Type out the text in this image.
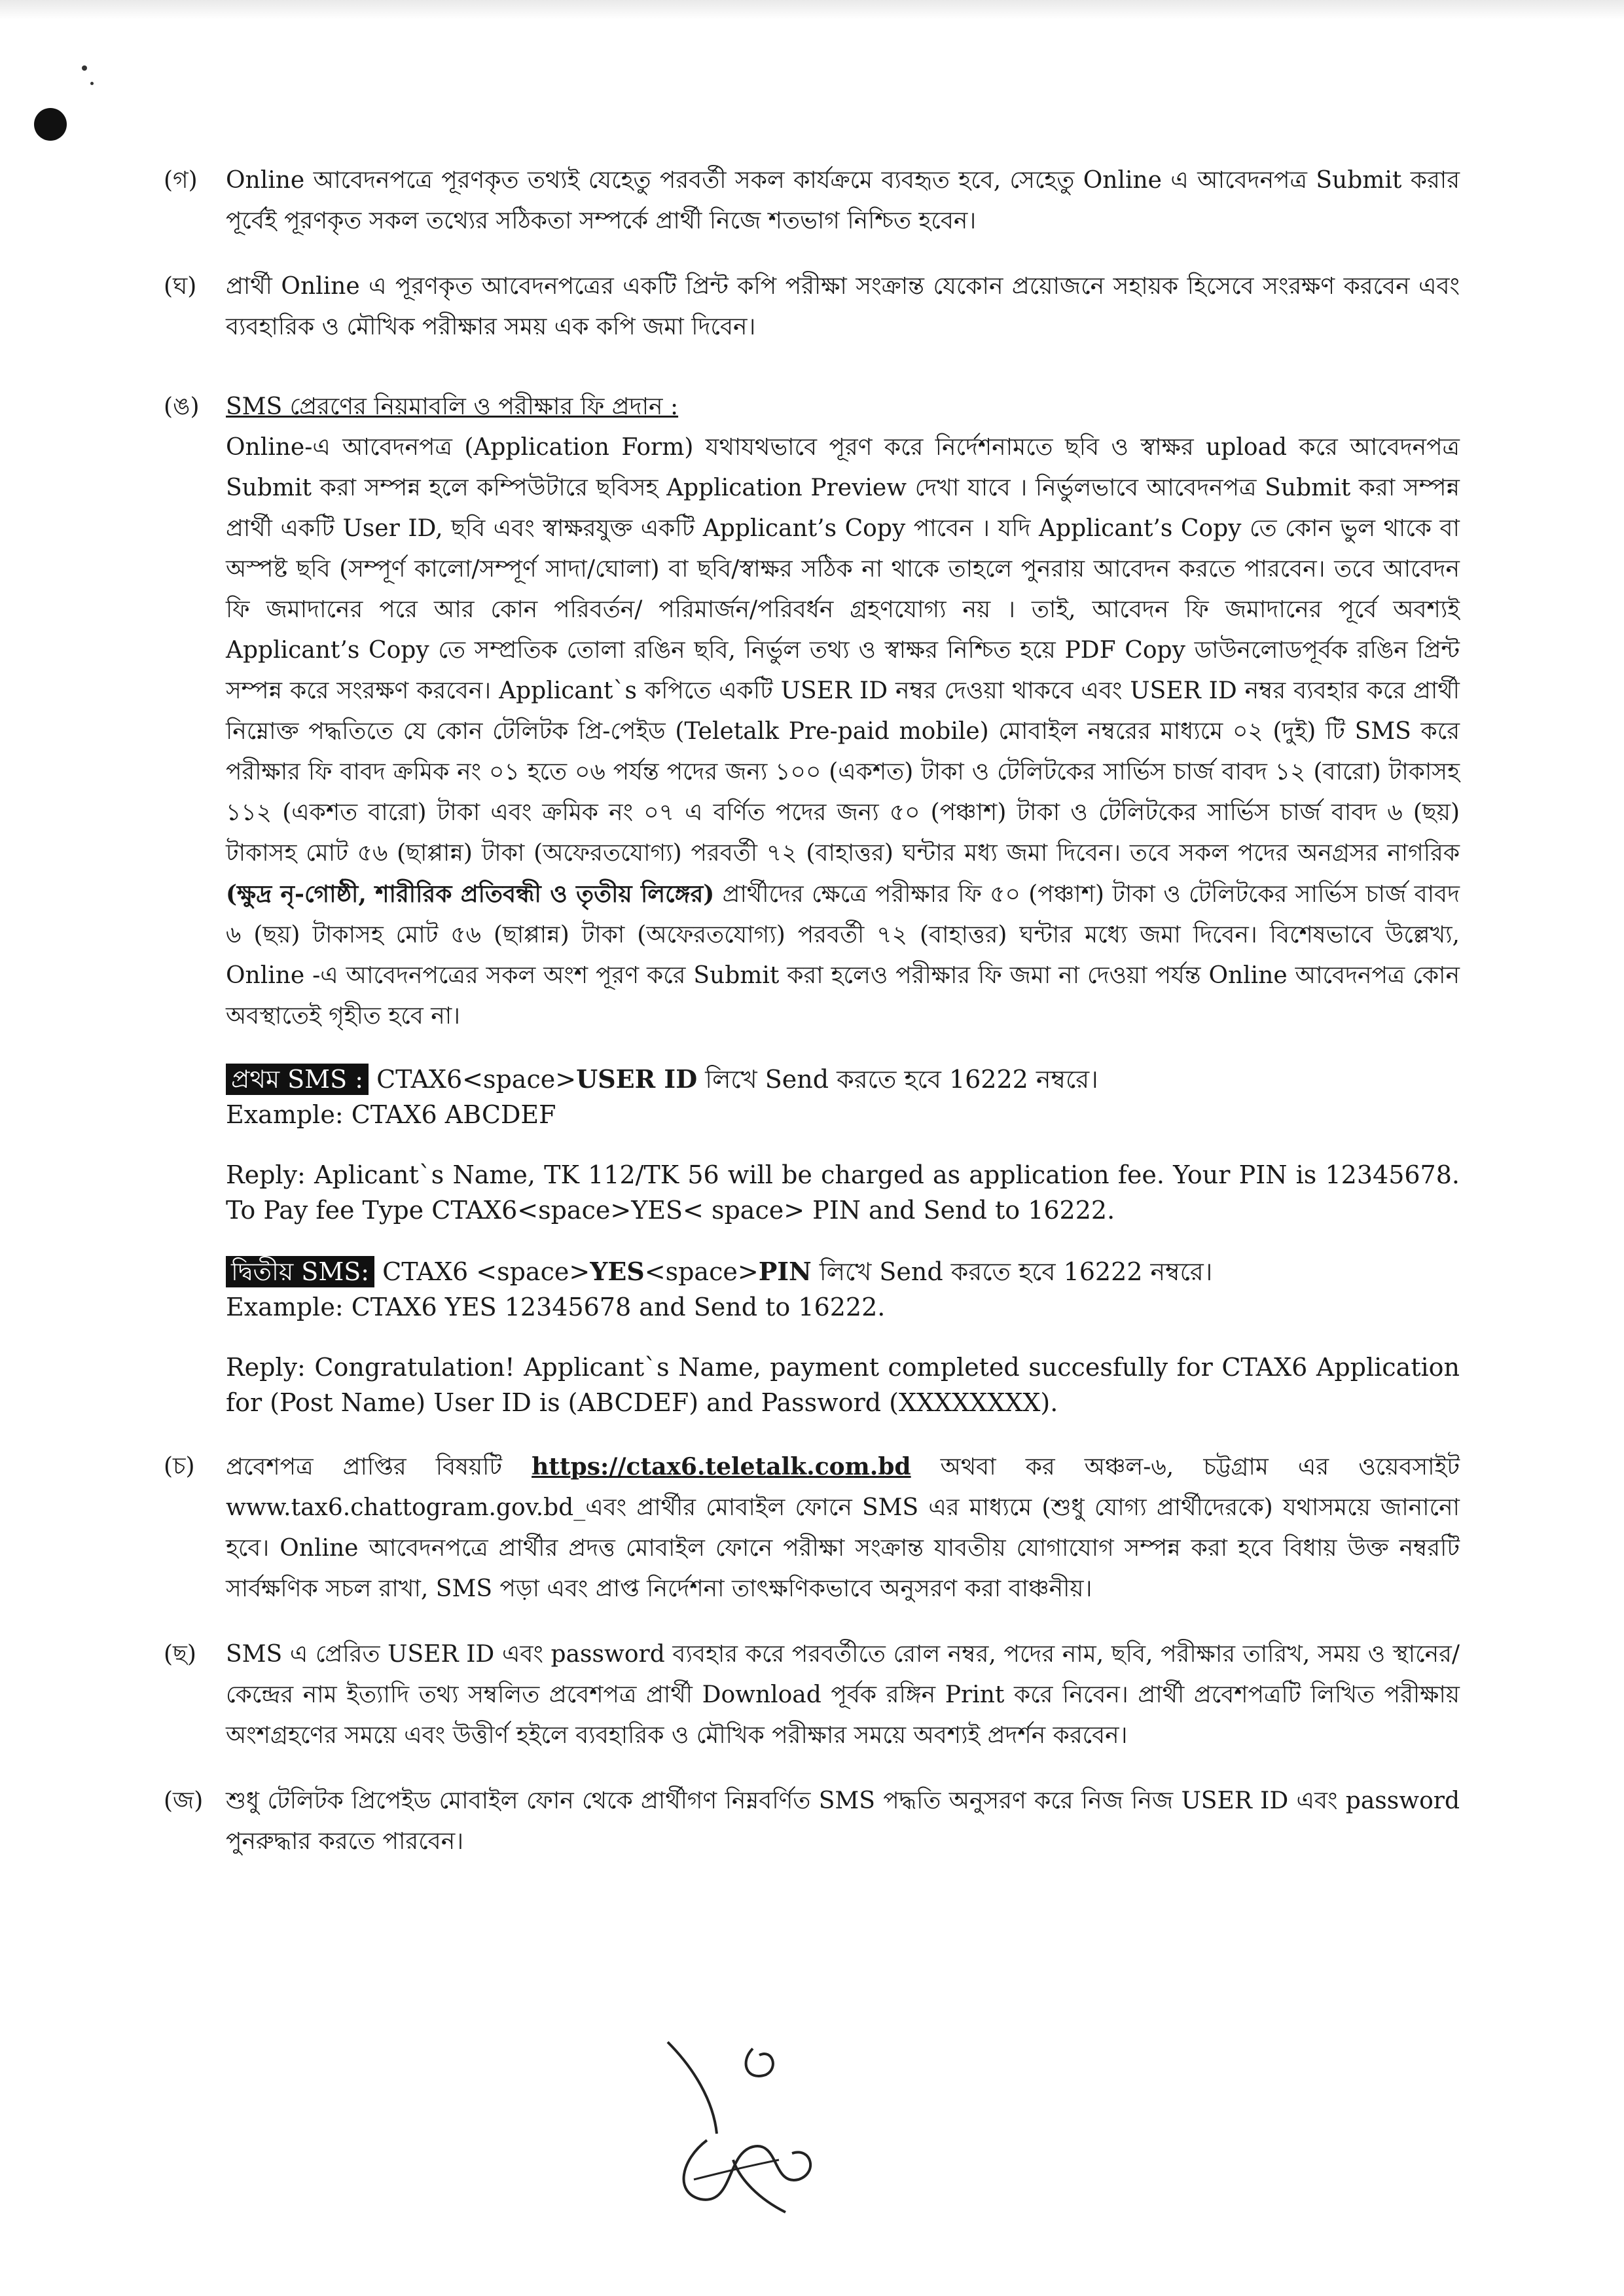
(গ) Online আবেদনপত্রে পূরণকৃত তথ্যই যেহেতু পরবর্তী সকল কার্যক্রমে ব্যবহৃত হবে, সেহেতু Online এ আবেদনপত্র Submit করার পূর্বেই পূরণকৃত সকল তথ্যের সঠিকতা সম্পর্কে প্রার্থী নিজে শতভাগ নিশ্চিত হবেন।
(ঘ) প্রার্থী Online এ পূরণকৃত আবেদনপত্রের একটি প্রিন্ট কপি পরীক্ষা সংক্রান্ত যেকোন প্রয়োজনে সহায়ক হিসেবে সংরক্ষণ করবেন এবং ব্যবহারিক ও মৌখিক পরীক্ষার সময় এক কপি জমা দিবেন।
(ঙ) SMS প্রেরণের নিয়মাবলি ও পরীক্ষার ফি প্রদান :
Online-এ আবেদনপত্র (Application Form) যথাযথভাবে পূরণ করে নির্দেশনামতে ছবি ও স্বাক্ষর upload করে আবেদনপত্র Submit করা সম্পন্ন হলে কম্পিউটারে ছবিসহ Application Preview দেখা যাবে । নির্ভুলভাবে আবেদনপত্র Submit করা সম্পন্ন প্রার্থী একটি User ID, ছবি এবং স্বাক্ষরযুক্ত একটি Applicant’s Copy পাবেন । যদি Applicant’s Copy তে কোন ভুল থাকে বা অস্পষ্ট ছবি (সম্পূর্ণ কালো/সম্পূর্ণ সাদা/ঘোলা) বা ছবি/স্বাক্ষর সঠিক না থাকে তাহলে পুনরায় আবেদন করতে পারবেন। তবে আবেদন ফি জমাদানের পরে আর কোন পরিবর্তন/ পরিমার্জন/পরিবর্ধন গ্রহণযোগ্য নয় । তাই, আবেদন ফি জমাদানের পূর্বে অবশ্যই Applicant’s Copy তে সম্প্রতিক তোলা রঙিন ছবি, নির্ভুল তথ্য ও স্বাক্ষর নিশ্চিত হয়ে PDF Copy ডাউনলোডপূর্বক রঙিন প্রিন্ট সম্পন্ন করে সংরক্ষণ করবেন। Applicant`s কপিতে একটি USER ID নম্বর দেওয়া থাকবে এবং USER ID নম্বর ব্যবহার করে প্রার্থী নিম্নোক্ত পদ্ধতিতে যে কোন টেলিটক প্রি-পেইড (Teletalk Pre-paid mobile) মোবাইল নম্বরের মাধ্যমে ০২ (দুই) টি SMS করে পরীক্ষার ফি বাবদ ক্রমিক নং ০১ হতে ০৬ পর্যন্ত পদের জন্য ১০০ (একশত) টাকা ও টেলিটকের সার্ভিস চার্জ বাবদ ১২ (বারো) টাকাসহ ১১২ (একশত বারো) টাকা এবং ক্রমিক নং ০৭ এ বর্ণিত পদের জন্য ৫০ (পঞ্চাশ) টাকা ও টেলিটকের সার্ভিস চার্জ বাবদ ৬ (ছয়) টাকাসহ মোট ৫৬ (ছাপ্পান্ন) টাকা (অফেরতযোগ্য) পরবর্তী ৭২ (বাহাত্তর) ঘন্টার মধ্য জমা দিবেন। তবে সকল পদের অনগ্রসর নাগরিক (ক্ষুদ্র নৃ-গোষ্ঠী, শারীরিক প্রতিবন্ধী ও তৃতীয় লিঙ্গের) প্রার্থীদের ক্ষেত্রে পরীক্ষার ফি ৫০ (পঞ্চাশ) টাকা ও টেলিটকের সার্ভিস চার্জ বাবদ ৬ (ছয়) টাকাসহ মোট ৫৬ (ছাপ্পান্ন) টাকা (অফেরতযোগ্য) পরবর্তী ৭২ (বাহাত্তর) ঘন্টার মধ্যে জমা দিবেন। বিশেষভাবে উল্লেখ্য, Online -এ আবেদনপত্রের সকল অংশ পূরণ করে Submit করা হলেও পরীক্ষার ফি জমা না দেওয়া পর্যন্ত Online আবেদনপত্র কোন অবস্থাতেই গৃহীত হবে না।
প্রথম SMS : CTAX6<space>USER ID লিখে Send করতে হবে 16222 নম্বরে।
Example: CTAX6 ABCDEF
Reply: Aplicant`s Name, TK 112/TK 56 will be charged as application fee. Your PIN is 12345678. To Pay fee Type CTAX6<space>YES< space> PIN and Send to 16222.
দ্বিতীয় SMS: CTAX6 <space>YES<space>PIN লিখে Send করতে হবে 16222 নম্বরে।
Example: CTAX6 YES 12345678 and Send to 16222.
Reply: Congratulation! Applicant`s Name, payment completed succesfully for CTAX6 Application for (Post Name) User ID is (ABCDEF) and Password (XXXXXXXX).
(চ) প্রবেশপত্র প্রাপ্তির বিষয়টি https://ctax6.teletalk.com.bd অথবা কর অঞ্চল-৬, চট্টগ্রাম এর ওয়েবসাইট www.tax6.chattogram.gov.bd_এবং প্রার্থীর মোবাইল ফোনে SMS এর মাধ্যমে (শুধু যোগ্য প্রার্থীদেরকে) যথাসময়ে জানানো হবে। Online আবেদনপত্রে প্রার্থীর প্রদত্ত মোবাইল ফোনে পরীক্ষা সংক্রান্ত যাবতীয় যোগাযোগ সম্পন্ন করা হবে বিধায় উক্ত নম্বরটি সার্বক্ষণিক সচল রাখা, SMS পড়া এবং প্রাপ্ত নির্দেশনা তাৎক্ষণিকভাবে অনুসরণ করা বাঞ্চনীয়।
(ছ) SMS এ প্রেরিত USER ID এবং password ব্যবহার করে পরবর্তীতে রোল নম্বর, পদের নাম, ছবি, পরীক্ষার তারিখ, সময় ও স্থানের/কেন্দ্রের নাম ইত্যাদি তথ্য সম্বলিত প্রবেশপত্র প্রার্থী Download পূর্বক রঙ্গিন Print করে নিবেন। প্রার্থী প্রবেশপত্রটি লিখিত পরীক্ষায় অংশগ্রহণের সময়ে এবং উত্তীর্ণ হইলে ব্যবহারিক ও মৌখিক পরীক্ষার সময়ে অবশ্যই প্রদর্শন করবেন।
(জ) শুধু টেলিটক প্রিপেইড মোবাইল ফোন থেকে প্রার্থীগণ নিম্নবর্ণিত SMS পদ্ধতি অনুসরণ করে নিজ নিজ USER ID এবং password পুনরুদ্ধার করতে পারবেন।
